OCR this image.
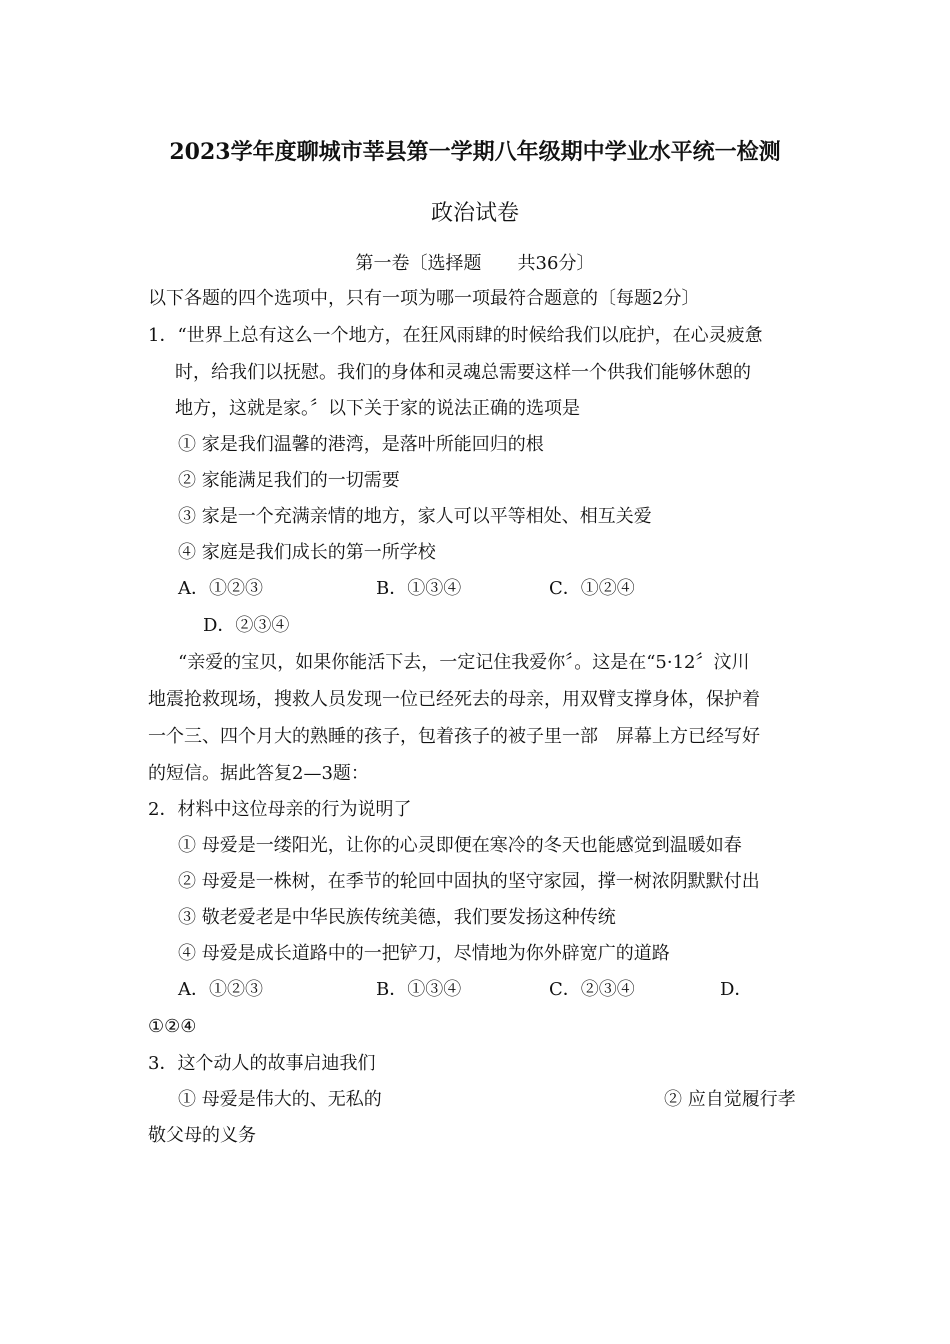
2023学年度聊城市莘县第一学期八年级期中学业水平统一检测
政治试卷
第一卷〔选择题　　共36分〕
以下各题的四个选项中，只有一项为哪一项最符合题意的〔每题2分〕
1．“世界上总有这么一个地方，在狂风雨肆的时候给我们以庇护，在心灵疲惫
时，给我们以抚慰。我们的身体和灵魂总需要这样一个供我们能够休憩的
地方，这就是家。〞以下关于家的说法正确的选项是
① 家是我们温馨的港湾，是落叶所能回归的根
② 家能满足我们的一切需要
③ 家是一个充满亲情的地方，家人可以平等相处、相互关爱
④ 家庭是我们成长的第一所学校
A．①②③	B．①③④	C．①②④
D．②③④
“亲爱的宝贝，如果你能活下去，一定记住我爱你〞。这是在“5·12〞汶川
地震抢救现场，搜救人员发现一位已经死去的母亲，用双臂支撑身体，保护着
一个三、四个月大的熟睡的孩子，包着孩子的被子里一部　屏幕上方已经写好
的短信。据此答复2—3题：
2．材料中这位母亲的行为说明了
① 母爱是一缕阳光，让你的心灵即便在寒冷的冬天也能感觉到温暖如春
② 母爱是一株树，在季节的轮回中固执的坚守家园，撑一树浓阴默默付出
③ 敬老爱老是中华民族传统美德，我们要发扬这种传统
④ 母爱是成长道路中的一把铲刀，尽情地为你外辟宽广的道路
A．①②③	B．①③④	C．②③④	D．
①②④
3．这个动人的故事启迪我们
① 母爱是伟大的、无私的	② 应自觉履行孝
敬父母的义务
